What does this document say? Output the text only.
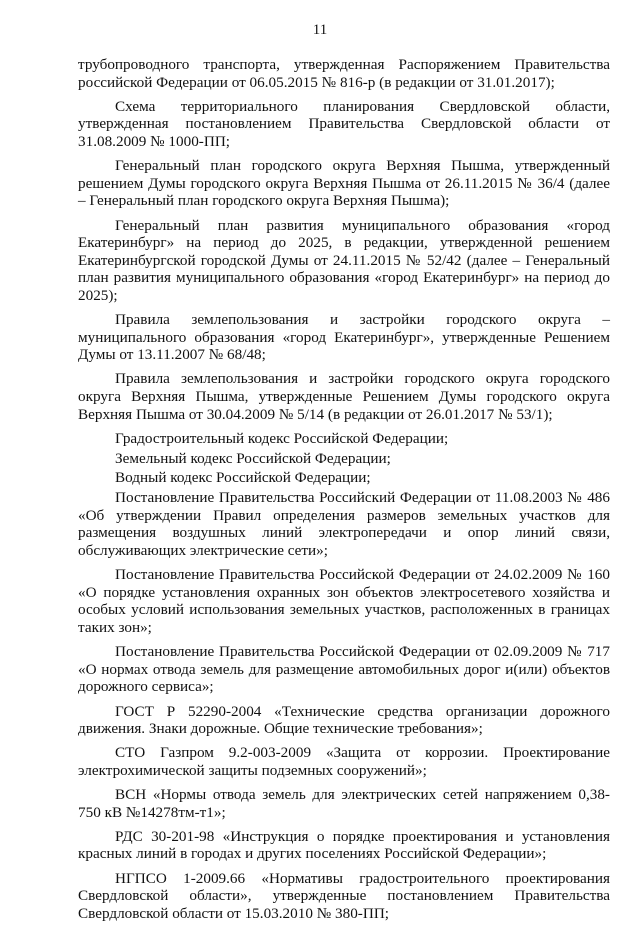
11

трубопроводного транспорта, утвержденная Распоряжением Правительства российской Федерации от 06.05.2015 № 816-р (в редакции от 31.01.2017);

Схема территориального планирования Свердловской области, утвержденная постановлением Правительства Свердловской области от 31.08.2009 № 1000-ПП;

Генеральный план городского округа Верхняя Пышма, утвержденный решением Думы городского округа Верхняя Пышма от 26.11.2015 № 36/4 (далее – Генеральный план городского округа Верхняя Пышма);

Генеральный план развития муниципального образования «город Екатеринбург» на период до 2025, в редакции, утвержденной решением Екатеринбургской городской Думы от 24.11.2015 № 52/42 (далее – Генеральный план развития муниципального образования «город Екатеринбург» на период до 2025);

Правила землепользования и застройки городского округа – муниципального образования «город Екатеринбург», утвержденные Решением Думы от 13.11.2007 № 68/48;

Правила землепользования и застройки городского округа городского округа Верхняя Пышма, утвержденные Решением Думы городского округа Верхняя Пышма от 30.04.2009 № 5/14 (в редакции от 26.01.2017 № 53/1);

Градостроительный кодекс Российской Федерации;

Земельный кодекс Российской Федерации;

Водный кодекс Российской Федерации;

Постановление Правительства Российский Федерации от 11.08.2003 № 486 «Об утверждении Правил определения размеров земельных участков для размещения воздушных линий электропередачи и опор линий связи, обслуживающих электрические сети»;

Постановление Правительства Российской Федерации от 24.02.2009 № 160 «О порядке установления охранных зон объектов электросетевого хозяйства и особых условий использования земельных участков, расположенных в границах таких зон»;

Постановление Правительства Российской Федерации от 02.09.2009 № 717 «О нормах отвода земель для размещение автомобильных дорог и(или) объектов дорожного сервиса»;

ГОСТ Р 52290-2004 «Технические средства организации дорожного движения. Знаки дорожные. Общие технические требования»;

СТО Газпром 9.2-003-2009 «Защита от коррозии. Проектирование электрохимической защиты подземных сооружений»;

ВСН «Нормы отвода земель для электрических сетей напряжением 0,38-750 кВ №14278тм-т1»;

РДС 30-201-98 «Инструкция о порядке проектирования и установления красных линий в городах и других поселениях Российской Федерации»;

НГПСО 1-2009.66 «Нормативы градостроительного проектирования Свердловской области», утвержденные постановлением Правительства Свердловской области от 15.03.2010 № 380-ПП;
